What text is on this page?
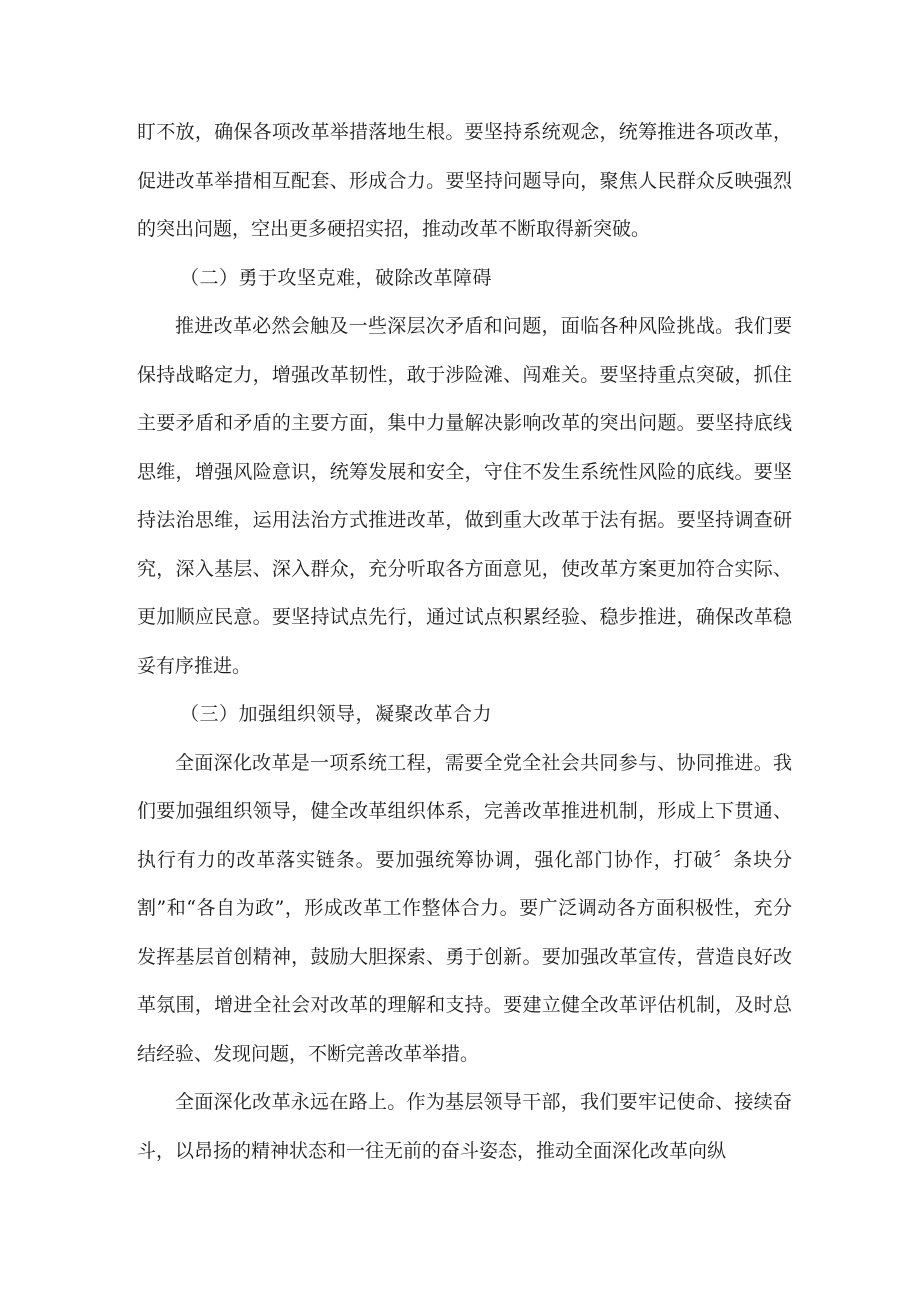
盯不放，确保各项改革举措落地生根。要坚持系统观念，统筹推进各项改革，促进改革举措相互配套、形成合力。要坚持问题导向，聚焦人民群众反映强烈的突出问题，空出更多硬招实招，推动改革不断取得新突破。

（二）勇于攻坚克难，破除改革障碍

推进改革必然会触及一些深层次矛盾和问题，面临各种风险挑战。我们要保持战略定力，增强改革韧性，敢于涉险滩、闯难关。要坚持重点突破，抓住主要矛盾和矛盾的主要方面，集中力量解决影响改革的突出问题。要坚持底线思维，增强风险意识，统筹发展和安全，守住不发生系统性风险的底线。要坚持法治思维，运用法治方式推进改革，做到重大改革于法有据。要坚持调查研究，深入基层、深入群众，充分听取各方面意见，使改革方案更加符合实际、更加顺应民意。要坚持试点先行，通过试点积累经验、稳步推进，确保改革稳妥有序推进。

（三）加强组织领导，凝聚改革合力

全面深化改革是一项系统工程，需要全党全社会共同参与、协同推进。我们要加强组织领导，健全改革组织体系，完善改革推进机制，形成上下贯通、执行有力的改革落实链条。要加强统筹协调，强化部门协作，打破〞条块分割”和“各自为政”，形成改革工作整体合力。要广泛调动各方面积极性，充分发挥基层首创精神，鼓励大胆探索、勇于创新。要加强改革宣传，营造良好改革氛围，增进全社会对改革的理解和支持。要建立健全改革评估机制，及时总结经验、发现问题，不断完善改革举措。

全面深化改革永远在路上。作为基层领导干部，我们要牢记使命、接续奋斗，以昂扬的精神状态和一往无前的奋斗姿态，推动全面深化改革向纵
